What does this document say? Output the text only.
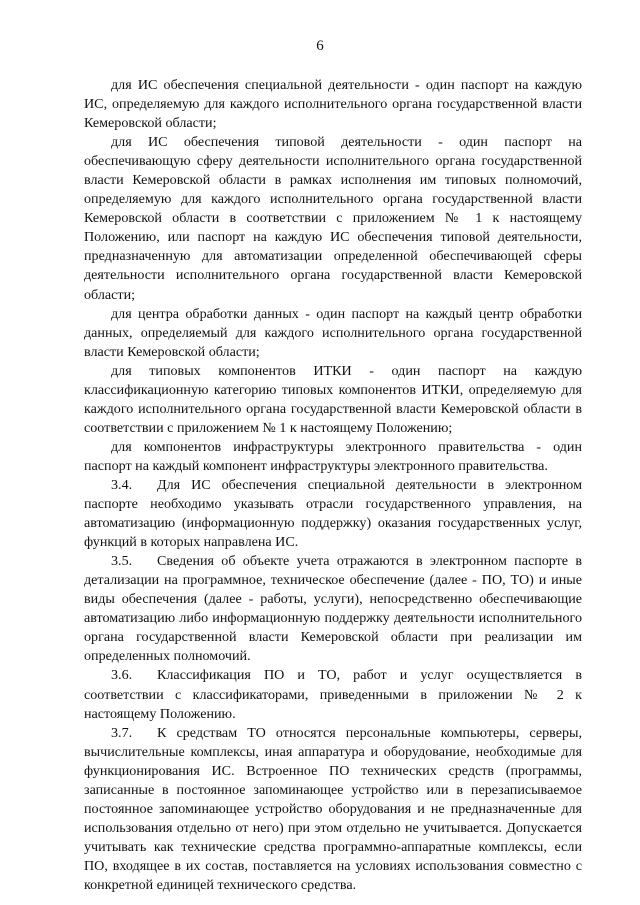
6

для ИС обеспечения специальной деятельности - один паспорт на каждую ИС, определяемую для каждого исполнительного органа государственной власти Кемеровской области;

для ИС обеспечения типовой деятельности - один паспорт на обеспечивающую сферу деятельности исполнительного органа государственной власти Кемеровской области в рамках исполнения им типовых полномочий, определяемую для каждого исполнительного органа государственной власти Кемеровской области в соответствии с приложением № 1 к настоящему Положению, или паспорт на каждую ИС обеспечения типовой деятельности, предназначенную для автоматизации определенной обеспечивающей сферы деятельности исполнительного органа государственной власти Кемеровской области;

для центра обработки данных - один паспорт на каждый центр обработки данных, определяемый для каждого исполнительного органа государственной власти Кемеровской области;

для типовых компонентов ИТКИ - один паспорт на каждую классификационную категорию типовых компонентов ИТКИ, определяемую для каждого исполнительного органа государственной власти Кемеровской области в соответствии с приложением № 1 к настоящему Положению;

для компонентов инфраструктуры электронного правительства - один паспорт на каждый компонент инфраструктуры электронного правительства.

3.4. Для ИС обеспечения специальной деятельности в электронном паспорте необходимо указывать отрасли государственного управления, на автоматизацию (информационную поддержку) оказания государственных услуг, функций в которых направлена ИС.

3.5. Сведения об объекте учета отражаются в электронном паспорте в детализации на программное, техническое обеспечение (далее - ПО, ТО) и иные виды обеспечения (далее - работы, услуги), непосредственно обеспечивающие автоматизацию либо информационную поддержку деятельности исполнительного органа государственной власти Кемеровской области при реализации им определенных полномочий.

3.6. Классификация ПО и ТО, работ и услуг осуществляется в соответствии с классификаторами, приведенными в приложении № 2 к настоящему Положению.

3.7. К средствам ТО относятся персональные компьютеры, серверы, вычислительные комплексы, иная аппаратура и оборудование, необходимые для функционирования ИС. Встроенное ПО технических средств (программы, записанные в постоянное запоминающее устройство или в перезаписываемое постоянное запоминающее устройство оборудования и не предназначенные для использования отдельно от него) при этом отдельно не учитывается. Допускается учитывать как технические средства программно-аппаратные комплексы, если ПО, входящее в их состав, поставляется на условиях использования совместно с конкретной единицей технического средства.
